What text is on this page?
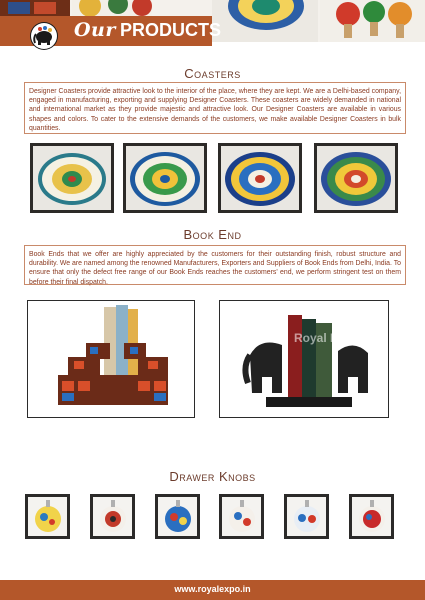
Our PRODUCTS
Coasters
Designer Coasters provide attractive look to the interior of the place, where they are kept. We are a Delhi-based company, engaged in manufacturing, exporting and supplying Designer Coasters. These coasters are widely demanded in national and international market as they provide majestic and attractive look. Our Designer Coasters are available in various shapes and colors. To cater to the extensive demands of the customers, we make available Designer Coasters in bulk quantities.
Book End
Book Ends that we offer are highly appreciated by the customers for their outstanding finish, robust structure and durability. We are named among the renowned Manufacturers, Exporters and Suppliers of Book Ends from Delhi, India. To ensure that only the defect free range of our Book Ends reaches the customers' end, we perform stringent test on them before their final dispatch.
Royal Expo
Drawer Knobs
www.royalexpo.in
